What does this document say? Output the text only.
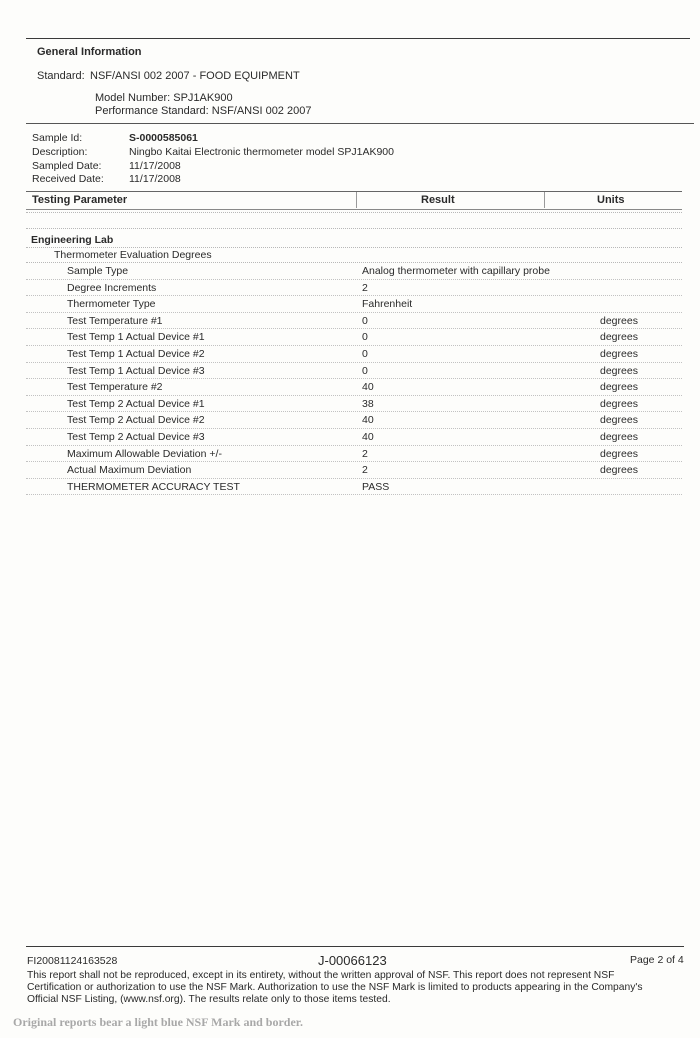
General Information
Standard: NSF/ANSI 002 2007 - FOOD EQUIPMENT
Model Number: SPJ1AK900
Performance Standard: NSF/ANSI 002 2007
Sample Id:	S-0000585061
Description:	Ningbo Kaitai Electronic thermometer model SPJ1AK900
Sampled Date:	11/17/2008
Received Date: 11/17/2008
Testing Parameter	Result	Units
Engineering Lab
Thermometer Evaluation Degrees
Sample Type	Analog thermometer with capillary probe
Degree Increments	2
Thermometer Type	Fahrenheit
Test Temperature #1	0	degrees
Test Temp 1 Actual Device #1	0	degrees
Test Temp 1 Actual Device #2	0	degrees
Test Temp 1 Actual Device #3	0	degrees
Test Temperature #2	40	degrees
Test Temp 2 Actual Device #1	38	degrees
Test Temp 2 Actual Device #2	40	degrees
Test Temp 2 Actual Device #3	40	degrees
Maximum Allowable Deviation +/-	2	degrees
Actual Maximum Deviation	2	degrees
THERMOMETER ACCURACY TEST	PASS
FI20081124163528	J-00066123	Page 2 of 4
This report shall not be reproduced, except in its entirety, without the written approval of NSF. This report does not represent NSF
Certification or authorization to use the NSF Mark. Authorization to use the NSF Mark is limited to products appearing in the Company's
Official NSF Listing, (www.nsf.org). The results relate only to those items tested.
Original reports bear a light blue NSF Mark and border.
